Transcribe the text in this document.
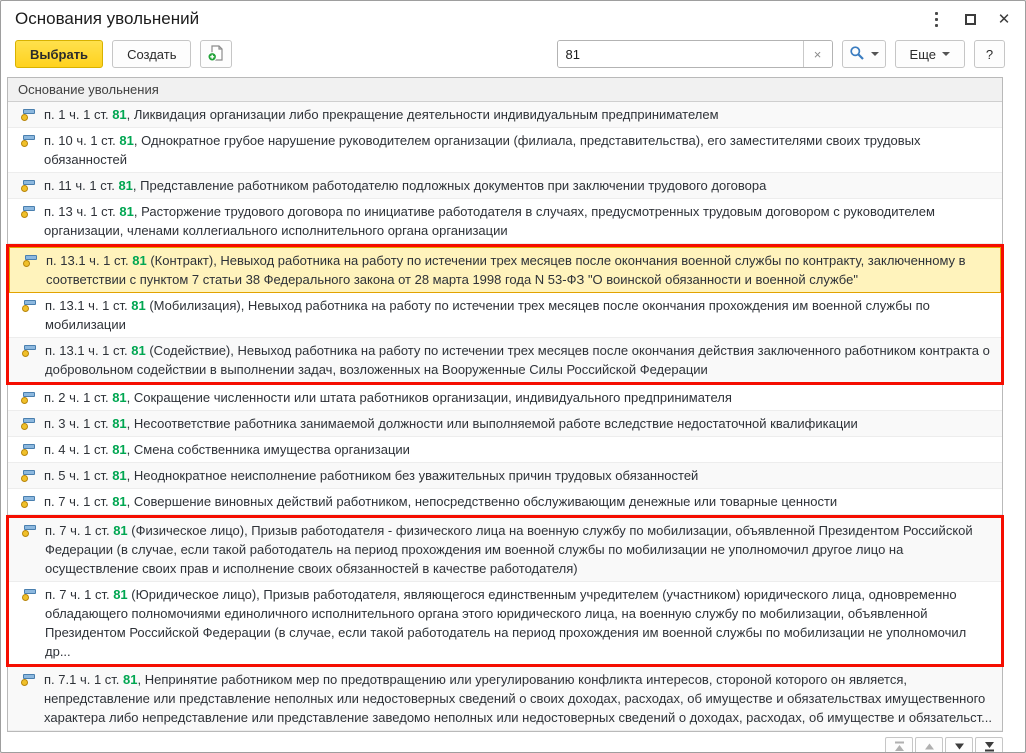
Основания увольнений	✕
Выбрать	Создать
81	×	Еще	?
Основание увольнения
п. 1 ч. 1 ст. 81, Ликвидация организации либо прекращение деятельности индивидуальным предпринимателем
п. 10 ч. 1 ст. 81, Однократное грубое нарушение руководителем организации (филиала, представительства), его заместителями своих трудовых обязанностей
п. 11 ч. 1 ст. 81, Представление работником работодателю подложных документов при заключении трудового договора
п. 13 ч. 1 ст. 81, Расторжение трудового договора по инициативе работодателя в случаях, предусмотренных трудовым договором с руководителем организации, членами коллегиального исполнительного органа организации
п. 13.1 ч. 1 ст. 81 (Контракт), Невыход работника на работу по истечении трех месяцев после окончания военной службы по контракту, заключенному в соответствии с пунктом 7 статьи 38 Федерального закона от 28 марта 1998 года N 53-ФЗ "О воинской обязанности и военной службе"
п. 13.1 ч. 1 ст. 81 (Мобилизация), Невыход работника на работу по истечении трех месяцев после окончания прохождения им военной службы по мобилизации
п. 13.1 ч. 1 ст. 81 (Содействие), Невыход работника на работу по истечении трех месяцев после окончания действия заключенного работником контракта о добровольном содействии в выполнении задач, возложенных на Вооруженные Силы Российской Федерации
п. 2 ч. 1 ст. 81, Сокращение численности или штата работников организации, индивидуального предпринимателя
п. 3 ч. 1 ст. 81, Несоответствие работника занимаемой должности или выполняемой работе вследствие недостаточной квалификации
п. 4 ч. 1 ст. 81, Смена собственника имущества организации
п. 5 ч. 1 ст. 81, Неоднократное неисполнение работником без уважительных причин трудовых обязанностей
п. 7 ч. 1 ст. 81, Совершение виновных действий работником, непосредственно обслуживающим денежные или товарные ценности
п. 7 ч. 1 ст. 81 (Физическое лицо), Призыв работодателя - физического лица на военную службу по мобилизации, объявленной Президентом Российской Федерации (в случае, если такой работодатель на период прохождения им военной службы по мобилизации не уполномочил другое лицо на осуществление своих прав и исполнение своих обязанностей в качестве работодателя)
п. 7 ч. 1 ст. 81 (Юридическое лицо), Призыв работодателя, являющегося единственным учредителем (участником) юридического лица, одновременно обладающего полномочиями единоличного исполнительного органа этого юридического лица, на военную службу по мобилизации, объявленной Президентом Российской Федерации (в случае, если такой работодатель на период прохождения им военной службы по мобилизации не уполномочил др...
п. 7.1 ч. 1 ст. 81, Непринятие работником мер по предотвращению или урегулированию конфликта интересов, стороной которого он является, непредставление или представление неполных или недостоверных сведений о своих доходах, расходах, об имуществе и обязательствах имущественного характера либо непредставление или представление заведомо неполных или недостоверных сведений о доходах, расходах, об имуществе и обязательст...
